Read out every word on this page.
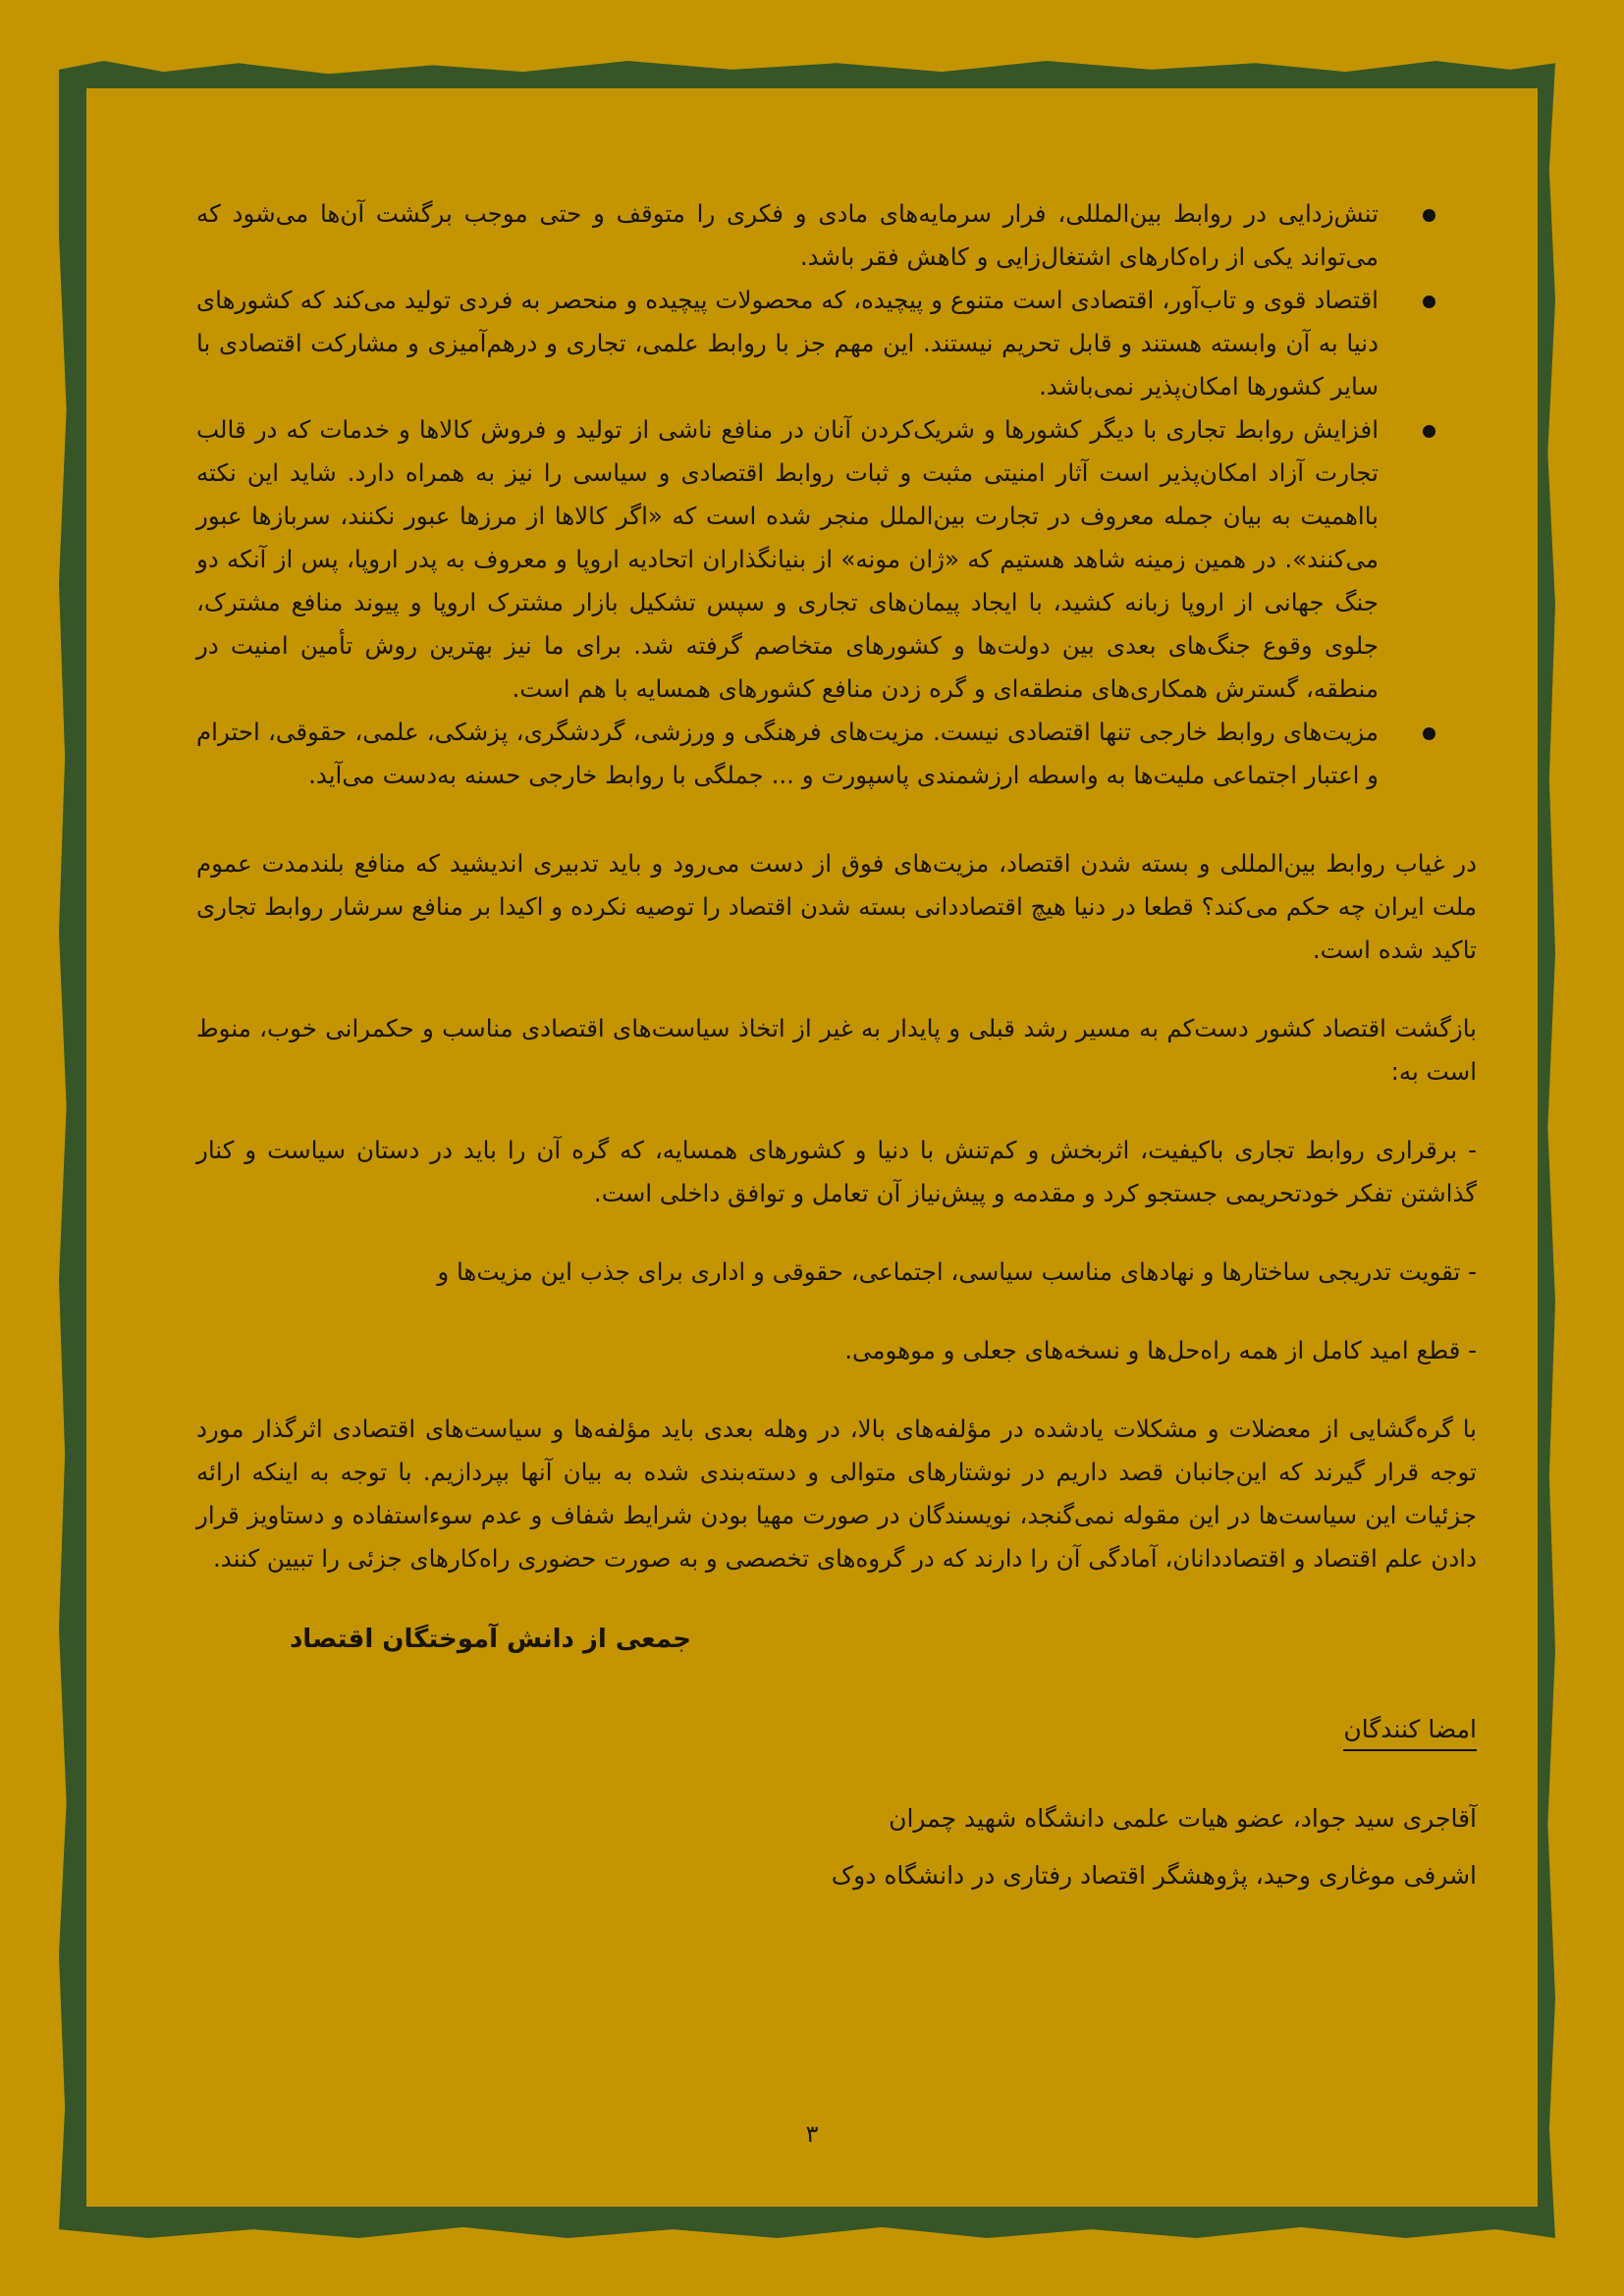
تنش‌زدایی در روابط بین‌المللی، فرار سرمایه‌های مادی و فکری را متوقف و حتی موجب برگشت آن‌ها می‌شود که می‌تواند یکی از راه‌کارهای اشتغال‌زایی و کاهش فقر باشد.
اقتصاد قوی و تاب‌آور، اقتصادی است متنوع و پیچیده، که محصولات پیچیده و منحصر به فردی تولید می‌کند که کشورهای دنیا به آن وابسته هستند و قابل تحریم نیستند. این مهم جز با روابط علمی، تجاری و درهم‌آمیزی و مشارکت اقتصادی با سایر کشورها امکان‌پذیر نمی‌باشد.
افزایش روابط تجاری با دیگر کشورها و شریک‌کردن آنان در منافع ناشی از تولید و فروش کالاها و خدمات که در قالب تجارت آزاد امکان‌پذیر است آثار امنیتی مثبت و ثبات روابط اقتصادی و سیاسی را نیز به همراه دارد. شاید این نکته بااهمیت به بیان جمله معروف در تجارت بین‌الملل منجر شده است که «اگر کالاها از مرزها عبور نکنند، سربازها عبور می‌کنند». در همین زمینه شاهد هستیم که «ژان مونه» از بنیانگذاران اتحادیه اروپا و معروف به پدر اروپا، پس از آنکه دو جنگ جهانی از اروپا زبانه کشید، با ایجاد پیمان‌های تجاری و سپس تشکیل بازار مشترک اروپا و پیوند منافع مشترک، جلوی وقوع جنگ‌های بعدی بین دولت‌ها و کشورهای متخاصم گرفته شد. برای ما نیز بهترین روش تأمین امنیت در منطقه، گسترش همکاری‌های منطقه‌ای و گره زدن منافع کشورهای همسایه با هم است.
مزیت‌های روابط خارجی تنها اقتصادی نیست. مزیت‌های فرهنگی و ورزشی، گردشگری، پزشکی، علمی، حقوقی، احترام و اعتبار اجتماعی ملیت‌ها به واسطه ارزشمندی پاسپورت و ... جملگی با روابط خارجی حسنه به‌دست می‌آید.

در غیاب روابط بین‌المللی و بسته شدن اقتصاد، مزیت‌های فوق از دست می‌رود و باید تدبیری اندیشید که منافع بلندمدت عموم ملت ایران چه حکم می‌کند؟ قطعا در دنیا هیچ اقتصاددانی بسته شدن اقتصاد را توصیه نکرده و اکیدا بر منافع سرشار روابط تجاری تاکید شده است.

بازگشت اقتصاد کشور دست‌کم به مسیر رشد قبلی و پایدار به غیر از اتخاذ سیاست‌های اقتصادی مناسب و حکمرانی خوب، منوط است به:

- برقراری روابط تجاری باکیفیت، اثربخش و کم‌تنش با دنیا و کشورهای همسایه، که گره آن را باید در دستان سیاست و کنار گذاشتن تفکر خودتحریمی جستجو کرد و مقدمه و پیش‌نیاز آن تعامل و توافق داخلی است.

- تقویت تدریجی ساختارها و نهادهای مناسب سیاسی، اجتماعی، حقوقی و اداری برای جذب این مزیت‌ها و

- قطع امید کامل از همه راه‌حل‌ها و نسخه‌های جعلی و موهومی.

با گره‌گشایی از معضلات و مشکلات یادشده در مؤلفه‌های بالا، در وهله بعدی باید مؤلفه‌ها و سیاست‌های اقتصادی اثرگذار مورد توجه قرار گیرند که این‌جانبان قصد داریم در نوشتارهای متوالی و دسته‌بندی شده به بیان آنها بپردازیم. با توجه به اینکه ارائه جزئیات این سیاست‌ها در این مقوله نمی‌گنجد، نویسندگان در صورت مهیا بودن شرایط شفاف و عدم سوءاستفاده و دستاویز قرار دادن علم اقتصاد و اقتصاددانان، آمادگی آن را دارند که در گروه‌های تخصصی و به صورت حضوری راه‌کارهای جزئی را تبیین کنند.

جمعی از دانش آموختگان اقتصاد
امضا کنندگان

آقاجری سید جواد، عضو هیات علمی دانشگاه شهید چمران

اشرفی موغاری وحید، پژوهشگر اقتصاد رفتاری در دانشگاه دوک

۳
